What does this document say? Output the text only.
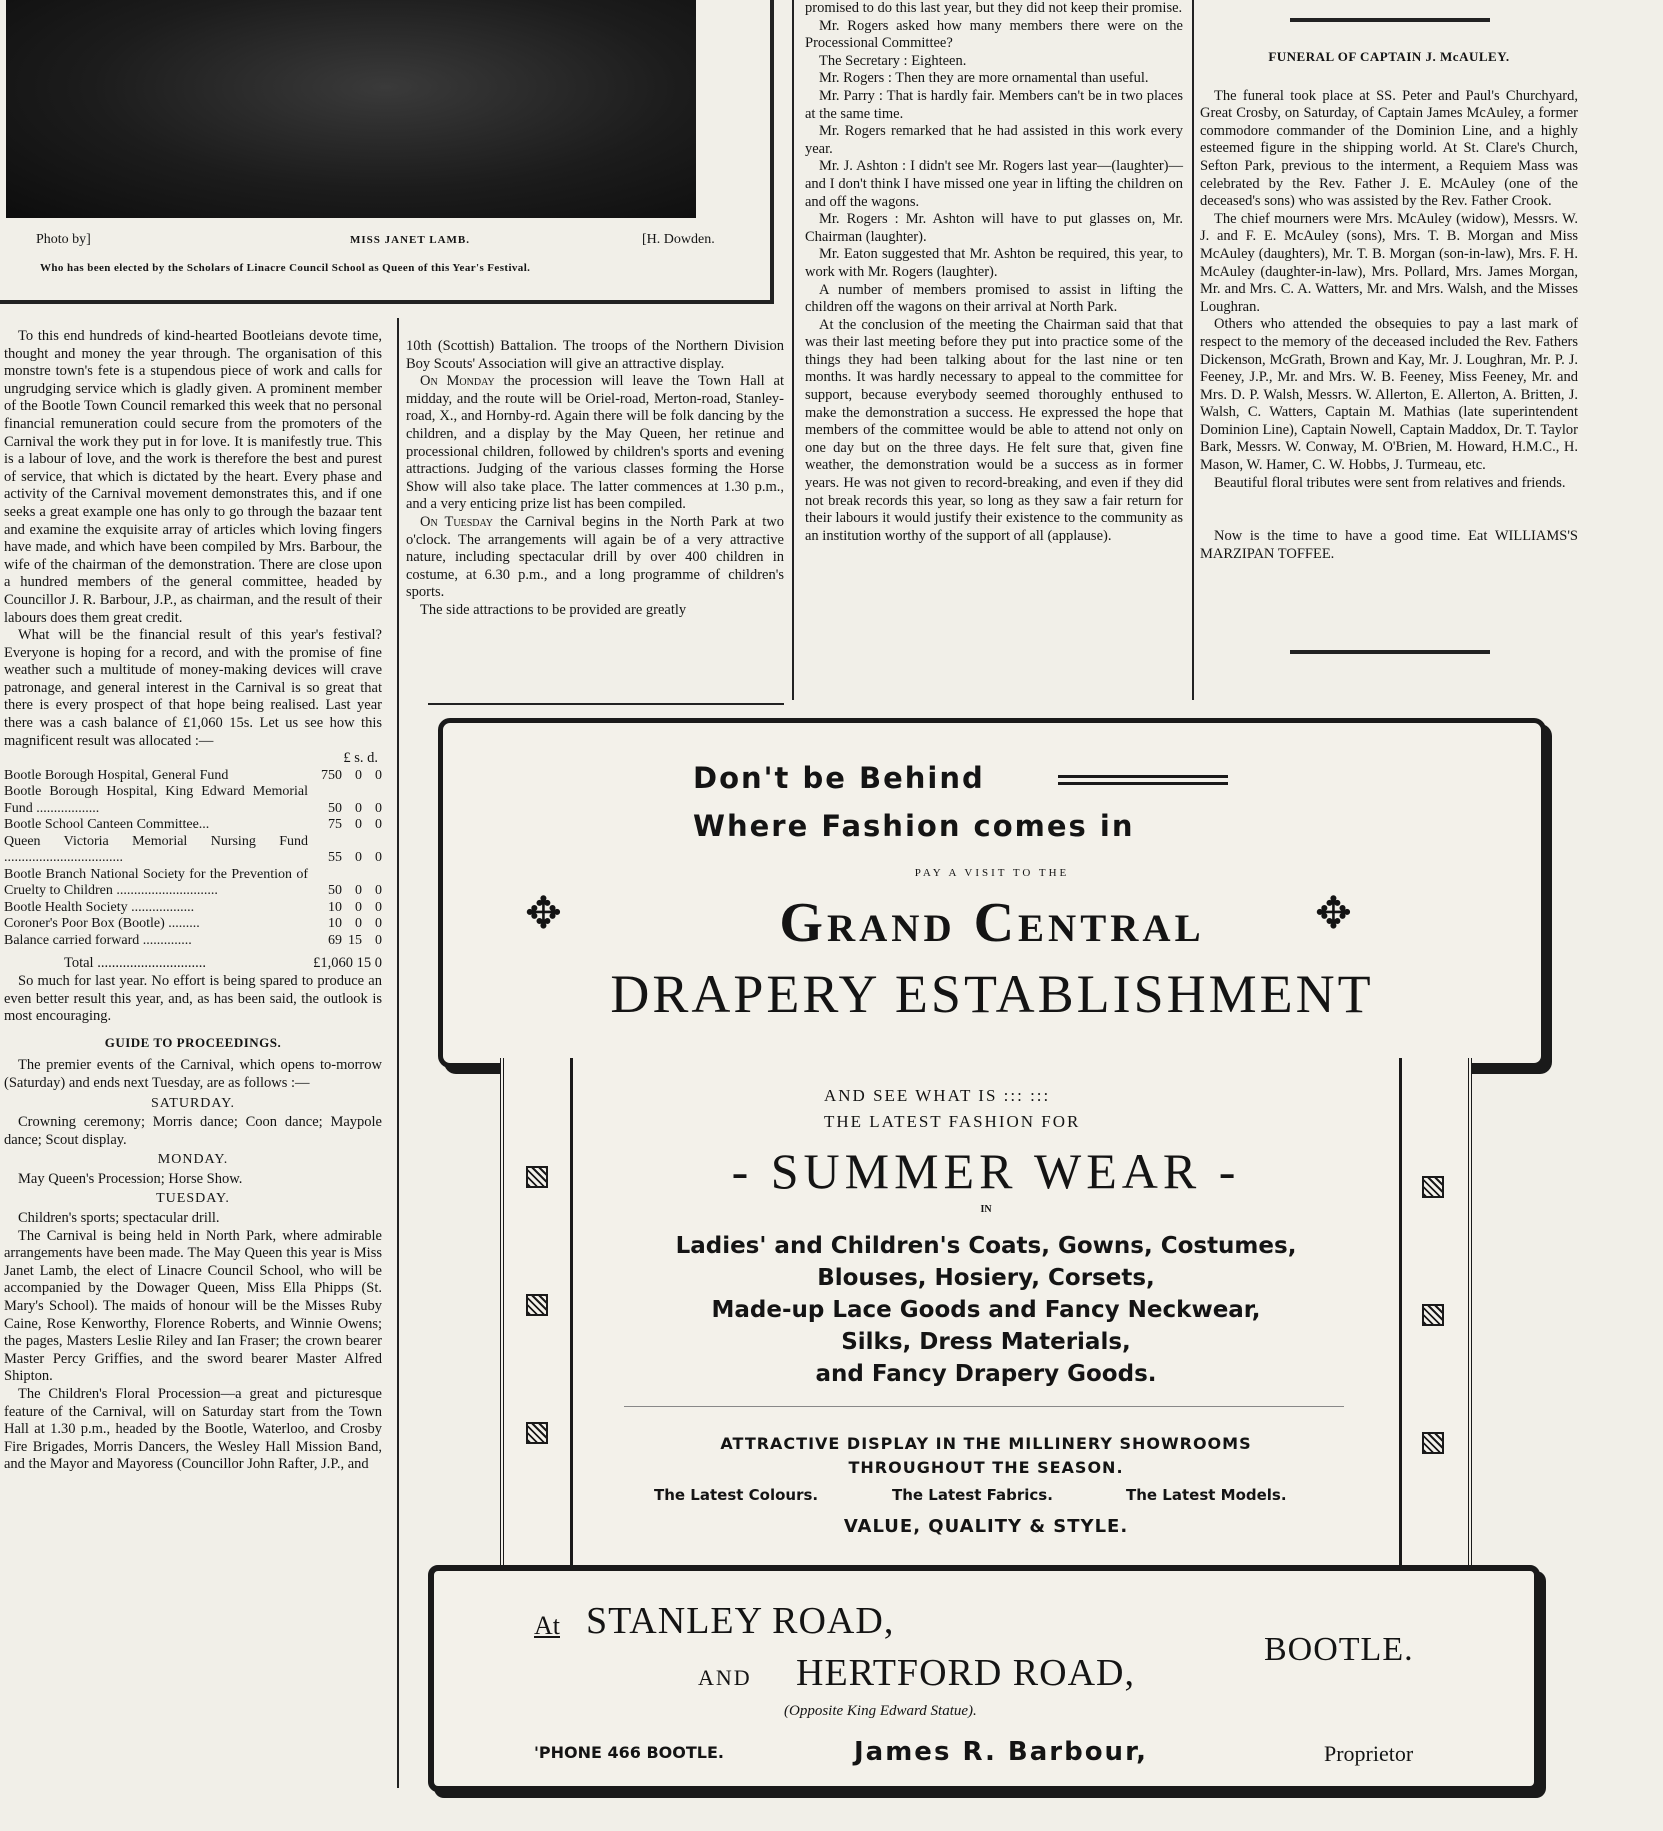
Photo by]	MISS JANET LAMB.	[H. Dowden.
Who has been elected by the Scholars of Linacre Council School as Queen of this Year's Festival.

To this end hundreds of kind-hearted Bootleians devote time, thought and money the year through. The organisation of this monstre town's fete is a stupendous piece of work and calls for ungrudging service which is gladly given. A prominent member of the Bootle Town Council remarked this week that no personal financial remuneration could secure from the promoters of the Carnival the work they put in for love. It is manifestly true. This is a labour of love, and the work is therefore the best and purest of service, that which is dictated by the heart. Every phase and activity of the Carnival movement demonstrates this, and if one seeks a great example one has only to go through the bazaar tent and examine the exquisite array of articles which loving fingers have made, and which have been compiled by Mrs. Barbour, the wife of the chairman of the demonstration. There are close upon a hundred members of the general committee, headed by Councillor J. R. Barbour, J.P., as chairman, and the result of their labours does them great credit.

What will be the financial result of this year's festival? Everyone is hoping for a record, and with the promise of fine weather such a multitude of money-making devices will crave patronage, and general interest in the Carnival is so great that there is every prospect of that hope being realised. Last year there was a cash balance of £1,060 15s. Let us see how this magnificent result was allocated :—

£ s. d.
Bootle Borough Hospital, General Fund	750	0	0
Bootle Borough Hospital, King Edward Memorial Fund ..................	50	0	0
Bootle School Canteen Committee...	75	0	0
Queen Victoria Memorial Nursing Fund ..................................	55	0	0
Bootle Branch National Society for the Prevention of Cruelty to Children .............................	50	0	0
Bootle Health Society ..................	10	0	0
Coroner's Poor Box (Bootle) .........	10	0	0
Balance carried forward ..............	69	15	0
Total ..............................	£1,060 15 0

So much for last year. No effort is being spared to produce an even better result this year, and, as has been said, the outlook is most encouraging.

GUIDE TO PROCEEDINGS.

The premier events of the Carnival, which opens to-morrow (Saturday) and ends next Tuesday, are as follows :—

SATURDAY.

Crowning ceremony; Morris dance; Coon dance; Maypole dance; Scout display.

MONDAY.

May Queen's Procession; Horse Show.

TUESDAY.

Children's sports; spectacular drill.

The Carnival is being held in North Park, where admirable arrangements have been made. The May Queen this year is Miss Janet Lamb, the elect of Linacre Council School, who will be accompanied by the Dowager Queen, Miss Ella Phipps (St. Mary's School). The maids of honour will be the Misses Ruby Caine, Rose Kenworthy, Florence Roberts, and Winnie Owens; the pages, Masters Leslie Riley and Ian Fraser; the crown bearer Master Percy Griffies, and the sword bearer Master Alfred Shipton.

The Children's Floral Procession—a great and picturesque feature of the Carnival, will on Saturday start from the Town Hall at 1.30 p.m., headed by the Bootle, Waterloo, and Crosby Fire Brigades, Morris Dancers, the Wesley Hall Mission Band, and the Mayor and Mayoress (Councillor John Rafter, J.P., and

10th (Scottish) Battalion. The troops of the Northern Division Boy Scouts' Association will give an attractive display.

On Monday the procession will leave the Town Hall at midday, and the route will be Oriel-road, Merton-road, Stanley-road, X., and Hornby-rd. Again there will be folk dancing by the children, and a display by the May Queen, her retinue and processional children, followed by children's sports and evening attractions. Judging of the various classes forming the Horse Show will also take place. The latter commences at 1.30 p.m., and a very enticing prize list has been compiled.

On Tuesday the Carnival begins in the North Park at two o'clock. The arrangements will again be of a very attractive nature, including spectacular drill by over 400 children in costume, at 6.30 p.m., and a long programme of children's sports.

The side attractions to be provided are greatly

promised to do this last year, but they did not keep their promise.

Mr. Rogers asked how many members there were on the Processional Committee?

The Secretary : Eighteen.

Mr. Rogers : Then they are more ornamental than useful.

Mr. Parry : That is hardly fair. Members can't be in two places at the same time.

Mr. Rogers remarked that he had assisted in this work every year.

Mr. J. Ashton : I didn't see Mr. Rogers last year—(laughter)—and I don't think I have missed one year in lifting the children on and off the wagons.

Mr. Rogers : Mr. Ashton will have to put glasses on, Mr. Chairman (laughter).

Mr. Eaton suggested that Mr. Ashton be required, this year, to work with Mr. Rogers (laughter).

A number of members promised to assist in lifting the children off the wagons on their arrival at North Park.

At the conclusion of the meeting the Chairman said that that was their last meeting before they put into practice some of the things they had been talking about for the last nine or ten months. It was hardly necessary to appeal to the committee for support, because everybody seemed thoroughly enthused to make the demonstration a success. He expressed the hope that members of the committee would be able to attend not only on one day but on the three days. He felt sure that, given fine weather, the demonstration would be a success as in former years. He was not given to record-breaking, and even if they did not break records this year, so long as they saw a fair return for their labours it would justify their existence to the community as an institution worthy of the support of all (applause).

FUNERAL OF CAPTAIN J. McAULEY.

The funeral took place at SS. Peter and Paul's Churchyard, Great Crosby, on Saturday, of Captain James McAuley, a former commodore commander of the Dominion Line, and a highly esteemed figure in the shipping world. At St. Clare's Church, Sefton Park, previous to the interment, a Requiem Mass was celebrated by the Rev. Father J. E. McAuley (one of the deceased's sons) who was assisted by the Rev. Father Crook.

The chief mourners were Mrs. McAuley (widow), Messrs. W. J. and F. E. McAuley (sons), Mrs. T. B. Morgan and Miss McAuley (daughters), Mr. T. B. Morgan (son-in-law), Mrs. F. H. McAuley (daughter-in-law), Mrs. Pollard, Mrs. James Morgan, Mr. and Mrs. C. A. Watters, Mr. and Mrs. Walsh, and the Misses Loughran.

Others who attended the obsequies to pay a last mark of respect to the memory of the deceased included the Rev. Fathers Dickenson, McGrath, Brown and Kay, Mr. J. Loughran, Mr. P. J. Feeney, J.P., Mr. and Mrs. W. B. Feeney, Miss Feeney, Mr. and Mrs. D. P. Walsh, Messrs. W. Allerton, E. Allerton, A. Britten, J. Walsh, C. Watters, Captain M. Mathias (late superintendent Dominion Line), Captain Nowell, Captain Maddox, Dr. T. Taylor Bark, Messrs. W. Conway, M. O'Brien, M. Howard, H.M.C., H. Mason, W. Hamer, C. W. Hobbs, J. Turmeau, etc.

Beautiful floral tributes were sent from relatives and friends.

Now is the time to have a good time. Eat WILLIAMS'S MARZIPAN TOFFEE.

Don't be Behind
Where Fashion comes in
PAY A VISIT TO THE
✥	✥
Grand Central
DRAPERY ESTABLISHMENT
AND SEE WHAT IS ::: :::
THE LATEST FASHION FOR
- SUMMER WEAR -
IN
Ladies' and Children's Coats, Gowns, Costumes,
Blouses, Hosiery, Corsets,
Made-up Lace Goods and Fancy Neckwear,
Silks, Dress Materials,
and Fancy Drapery Goods.
ATTRACTIVE DISPLAY IN THE MILLINERY SHOWROOMS
THROUGHOUT THE SEASON.
The Latest Colours.	The Latest Fabrics.	The Latest Models.
VALUE, QUALITY & STYLE.
At STANLEY ROAD,
AND HERTFORD ROAD,
BOOTLE.
(Opposite King Edward Statue).
'PHONE 466 BOOTLE.	James R. Barbour,	Proprietor
